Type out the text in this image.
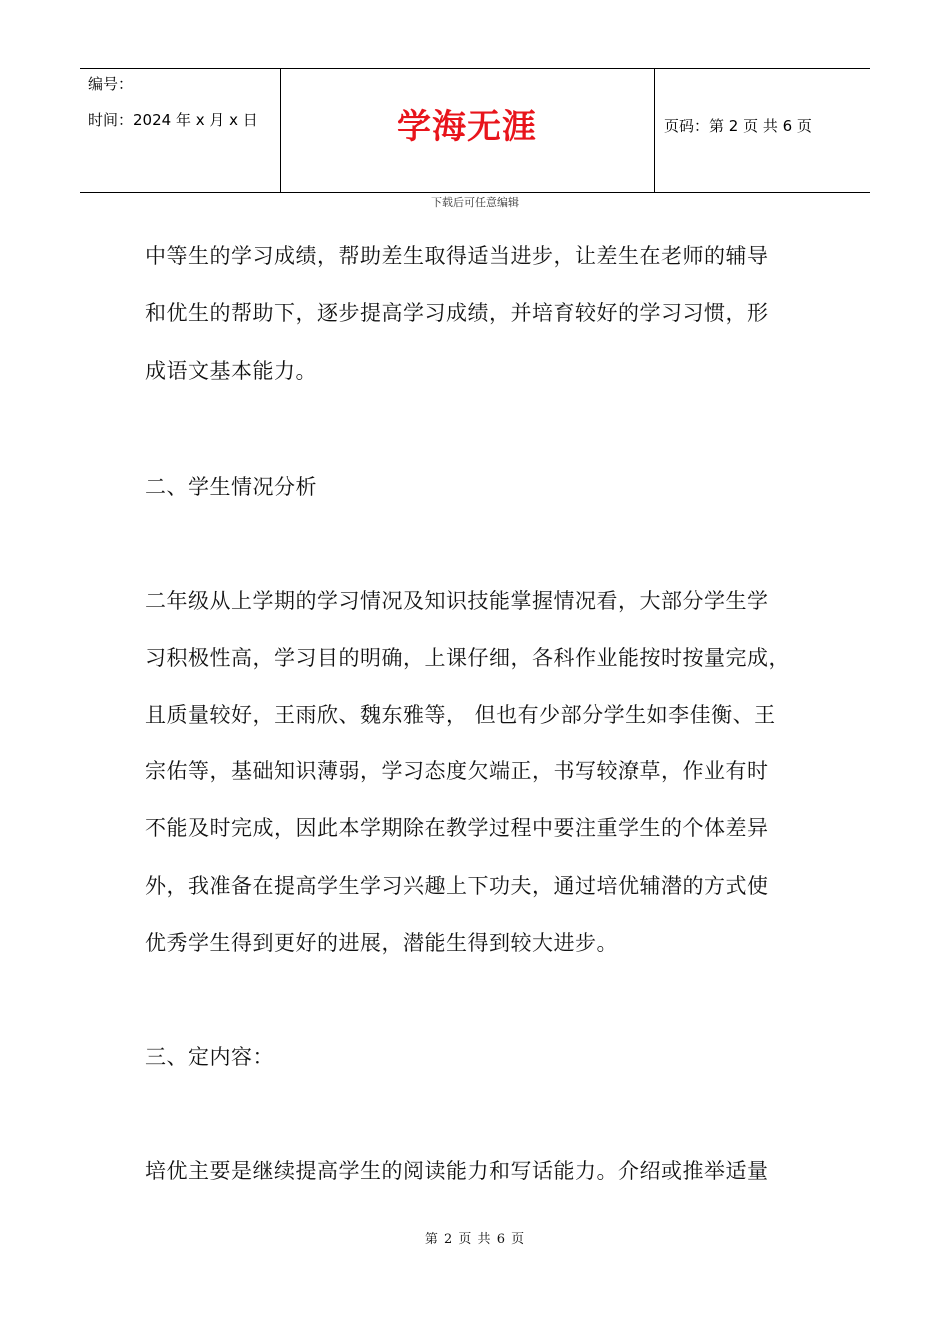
编号：
时间：2024 年 x 月 x 日	学海无涯	页码：第 2 页 共 6 页
下载后可任意编辑
中等生的学习成绩，帮助差生取得适当进步，让差生在老师的辅导
和优生的帮助下，逐步提高学习成绩，并培育较好的学习习惯，形
成语文基本能力。
二、学生情况分析
二年级从上学期的学习情况及知识技能掌握情况看，大部分学生学
习积极性高，学习目的明确，上课仔细，各科作业能按时按量完成，
且质量较好，王雨欣、魏东雅等， 但也有少部分学生如李佳衡、王
宗佑等，基础知识薄弱，学习态度欠端正，书写较潦草，作业有时
不能及时完成，因此本学期除在教学过程中要注重学生的个体差异
外，我准备在提高学生学习兴趣上下功夫，通过培优辅潜的方式使
优秀学生得到更好的进展，潜能生得到较大进步。
三、定内容：
培优主要是继续提高学生的阅读能力和写话能力。介绍或推举适量
第 2 页 共 6 页
